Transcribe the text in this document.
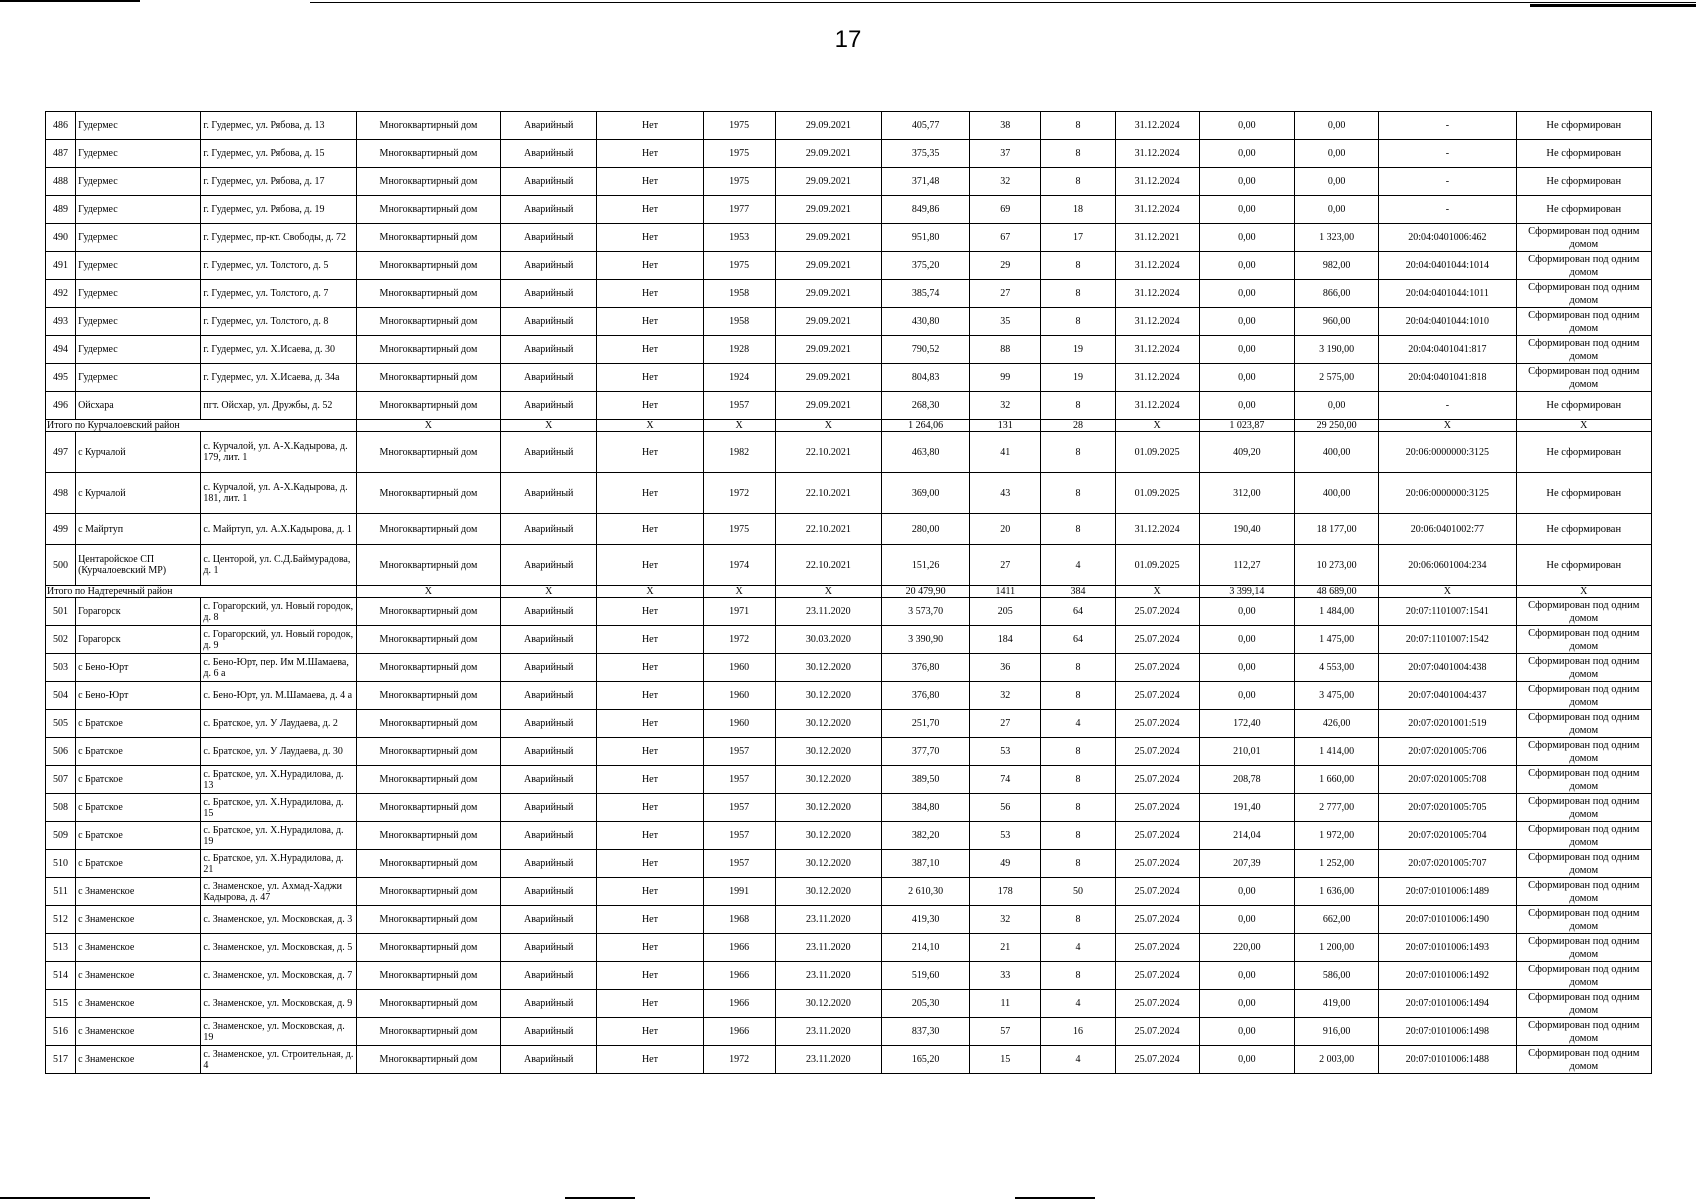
17
486	Гудермес	г. Гудермес, ул. Рябова, д. 13	Многоквартирный дом	Аварийный	Нет	1975	29.09.2021	405,77	38	8	31.12.2024	0,00	0,00	-	Не сформирован
487	Гудермес	г. Гудермес, ул. Рябова, д. 15	Многоквартирный дом	Аварийный	Нет	1975	29.09.2021	375,35	37	8	31.12.2024	0,00	0,00	-	Не сформирован
488	Гудермес	г. Гудермес, ул. Рябова, д. 17	Многоквартирный дом	Аварийный	Нет	1975	29.09.2021	371,48	32	8	31.12.2024	0,00	0,00	-	Не сформирован
489	Гудермес	г. Гудермес, ул. Рябова, д. 19	Многоквартирный дом	Аварийный	Нет	1977	29.09.2021	849,86	69	18	31.12.2024	0,00	0,00	-	Не сформирован
490	Гудермес	г. Гудермес, пр-кт. Свободы, д. 72	Многоквартирный дом	Аварийный	Нет	1953	29.09.2021	951,80	67	17	31.12.2021	0,00	1 323,00	20:04:0401006:462	Сформирован под одним домом
491	Гудермес	г. Гудермес, ул. Толстого, д. 5	Многоквартирный дом	Аварийный	Нет	1975	29.09.2021	375,20	29	8	31.12.2024	0,00	982,00	20:04:0401044:1014	Сформирован под одним домом
492	Гудермес	г. Гудермес, ул. Толстого, д. 7	Многоквартирный дом	Аварийный	Нет	1958	29.09.2021	385,74	27	8	31.12.2024	0,00	866,00	20:04:0401044:1011	Сформирован под одним домом
493	Гудермес	г. Гудермес, ул. Толстого, д. 8	Многоквартирный дом	Аварийный	Нет	1958	29.09.2021	430,80	35	8	31.12.2024	0,00	960,00	20:04:0401044:1010	Сформирован под одним домом
494	Гудермес	г. Гудермес, ул. Х.Исаева, д. 30	Многоквартирный дом	Аварийный	Нет	1928	29.09.2021	790,52	88	19	31.12.2024	0,00	3 190,00	20:04:0401041:817	Сформирован под одним домом
495	Гудермес	г. Гудермес, ул. Х.Исаева, д. 34а	Многоквартирный дом	Аварийный	Нет	1924	29.09.2021	804,83	99	19	31.12.2024	0,00	2 575,00	20:04:0401041:818	Сформирован под одним домом
496	Ойсхара	пгт. Ойсхар, ул. Дружбы, д. 52	Многоквартирный дом	Аварийный	Нет	1957	29.09.2021	268,30	32	8	31.12.2024	0,00	0,00	-	Не сформирован
Итого по Курчалоевский район			X	X	X	X	X	1 264,06	131	28	X	1 023,87	29 250,00	X	X
497	с Курчалой	с. Курчалой, ул. А-Х.Кадырова, д. 179, лит. 1	Многоквартирный дом	Аварийный	Нет	1982	22.10.2021	463,80	41	8	01.09.2025	409,20	400,00	20:06:0000000:3125	Не сформирован
498	с Курчалой	с. Курчалой, ул. А-Х.Кадырова, д. 181, лит. 1	Многоквартирный дом	Аварийный	Нет	1972	22.10.2021	369,00	43	8	01.09.2025	312,00	400,00	20:06:0000000:3125	Не сформирован
499	с Майртуп	с. Майртуп, ул. А.Х.Кадырова, д. 1	Многоквартирный дом	Аварийный	Нет	1975	22.10.2021	280,00	20	8	31.12.2024	190,40	18 177,00	20:06:0401002:77	Не сформирован
500	Центаройское СП (Курчалоевский МР)	с. Центорой, ул. С.Д.Баймурадова, д. 1	Многоквартирный дом	Аварийный	Нет	1974	22.10.2021	151,26	27	4	01.09.2025	112,27	10 273,00	20:06:0601004:234	Не сформирован
Итого по Надтеречный район			X	X	X	X	X	20 479,90	1411	384	X	3 399,14	48 689,00	X	X
501	Горагорск	с. Горагорский, ул. Новый городок, д. 8	Многоквартирный дом	Аварийный	Нет	1971	23.11.2020	3 573,70	205	64	25.07.2024	0,00	1 484,00	20:07:1101007:1541	Сформирован под одним домом
502	Горагорск	с. Горагорский, ул. Новый городок, д. 9	Многоквартирный дом	Аварийный	Нет	1972	30.03.2020	3 390,90	184	64	25.07.2024	0,00	1 475,00	20:07:1101007:1542	Сформирован под одним домом
503	с Бено-Юрт	с. Бено-Юрт, пер. Им М.Шамаева, д. 6 а	Многоквартирный дом	Аварийный	Нет	1960	30.12.2020	376,80	36	8	25.07.2024	0,00	4 553,00	20:07:0401004:438	Сформирован под одним домом
504	с Бено-Юрт	с. Бено-Юрт, ул. М.Шамаева, д. 4 а	Многоквартирный дом	Аварийный	Нет	1960	30.12.2020	376,80	32	8	25.07.2024	0,00	3 475,00	20:07:0401004:437	Сформирован под одним домом
505	с Братское	с. Братское, ул. У Лаудаева, д. 2	Многоквартирный дом	Аварийный	Нет	1960	30.12.2020	251,70	27	4	25.07.2024	172,40	426,00	20:07:0201001:519	Сформирован под одним домом
506	с Братское	с. Братское, ул. У Лаудаева, д. 30	Многоквартирный дом	Аварийный	Нет	1957	30.12.2020	377,70	53	8	25.07.2024	210,01	1 414,00	20:07:0201005:706	Сформирован под одним домом
507	с Братское	с. Братское, ул. Х.Нурадилова, д. 13	Многоквартирный дом	Аварийный	Нет	1957	30.12.2020	389,50	74	8	25.07.2024	208,78	1 660,00	20:07:0201005:708	Сформирован под одним домом
508	с Братское	с. Братское, ул. Х.Нурадилова, д. 15	Многоквартирный дом	Аварийный	Нет	1957	30.12.2020	384,80	56	8	25.07.2024	191,40	2 777,00	20:07:0201005:705	Сформирован под одним домом
509	с Братское	с. Братское, ул. Х.Нурадилова, д. 19	Многоквартирный дом	Аварийный	Нет	1957	30.12.2020	382,20	53	8	25.07.2024	214,04	1 972,00	20:07:0201005:704	Сформирован под одним домом
510	с Братское	с. Братское, ул. Х.Нурадилова, д. 21	Многоквартирный дом	Аварийный	Нет	1957	30.12.2020	387,10	49	8	25.07.2024	207,39	1 252,00	20:07:0201005:707	Сформирован под одним домом
511	с Знаменское	с. Знаменское, ул. Ахмад-Хаджи Кадырова, д. 47	Многоквартирный дом	Аварийный	Нет	1991	30.12.2020	2 610,30	178	50	25.07.2024	0,00	1 636,00	20:07:0101006:1489	Сформирован под одним домом
512	с Знаменское	с. Знаменское, ул. Московская, д. 3	Многоквартирный дом	Аварийный	Нет	1968	23.11.2020	419,30	32	8	25.07.2024	0,00	662,00	20:07:0101006:1490	Сформирован под одним домом
513	с Знаменское	с. Знаменское, ул. Московская, д. 5	Многоквартирный дом	Аварийный	Нет	1966	23.11.2020	214,10	21	4	25.07.2024	220,00	1 200,00	20:07:0101006:1493	Сформирован под одним домом
514	с Знаменское	с. Знаменское, ул. Московская, д. 7	Многоквартирный дом	Аварийный	Нет	1966	23.11.2020	519,60	33	8	25.07.2024	0,00	586,00	20:07:0101006:1492	Сформирован под одним домом
515	с Знаменское	с. Знаменское, ул. Московская, д. 9	Многоквартирный дом	Аварийный	Нет	1966	30.12.2020	205,30	11	4	25.07.2024	0,00	419,00	20:07:0101006:1494	Сформирован под одним домом
516	с Знаменское	с. Знаменское, ул. Московская, д. 19	Многоквартирный дом	Аварийный	Нет	1966	23.11.2020	837,30	57	16	25.07.2024	0,00	916,00	20:07:0101006:1498	Сформирован под одним домом
517	с Знаменское	с. Знаменское, ул. Строительная, д. 4	Многоквартирный дом	Аварийный	Нет	1972	23.11.2020	165,20	15	4	25.07.2024	0,00	2 003,00	20:07:0101006:1488	Сформирован под одним домом
